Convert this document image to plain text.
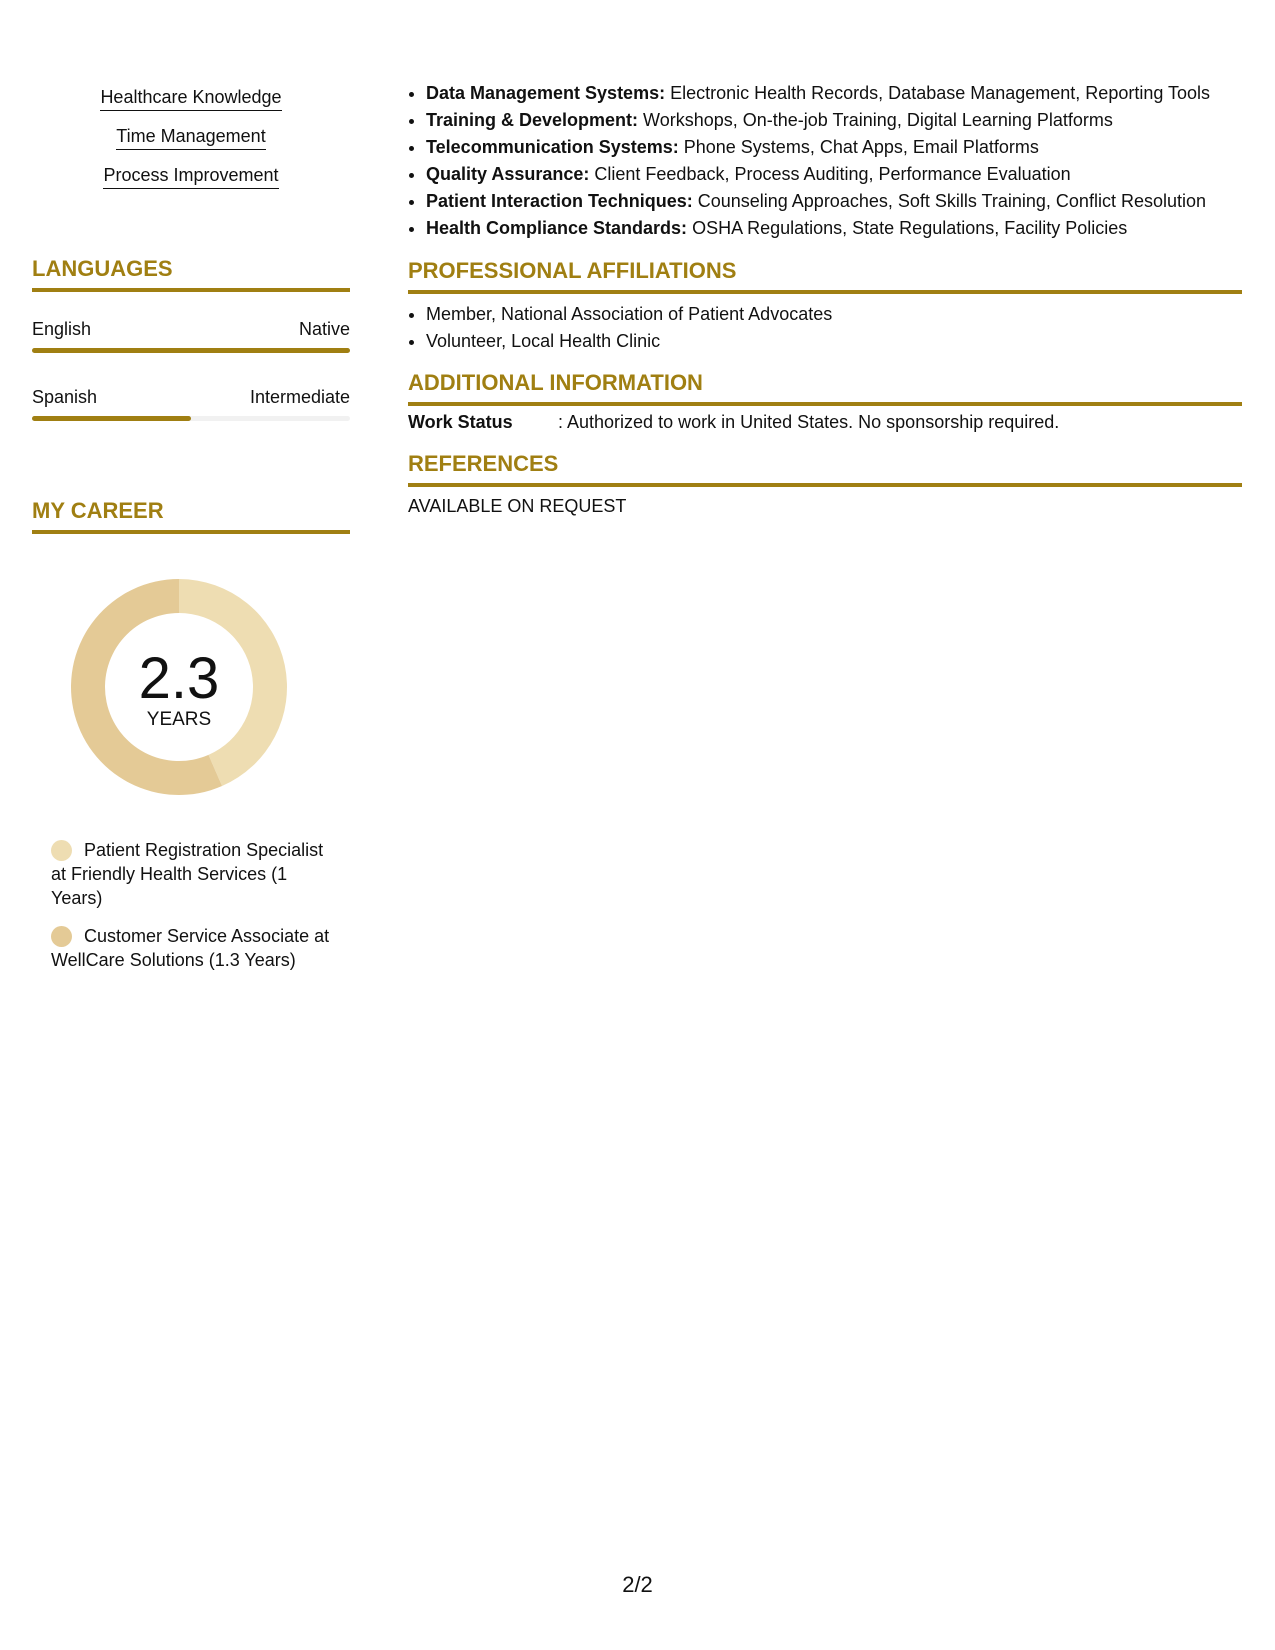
Healthcare Knowledge
Time Management
Process Improvement
LANGUAGES
English	Native
Spanish	Intermediate
MY CAREER
2.3
YEARS
Patient Registration Specialist at Friendly Health Services (1 Years)
Customer Service Associate at WellCare Solutions (1.3 Years)
• Data Management Systems: Electronic Health Records, Database Management, Reporting Tools
• Training & Development: Workshops, On-the-job Training, Digital Learning Platforms
• Telecommunication Systems: Phone Systems, Chat Apps, Email Platforms
• Quality Assurance: Client Feedback, Process Auditing, Performance Evaluation
• Patient Interaction Techniques: Counseling Approaches, Soft Skills Training, Conflict Resolution
• Health Compliance Standards: OSHA Regulations, State Regulations, Facility Policies
PROFESSIONAL AFFILIATIONS
• Member, National Association of Patient Advocates
• Volunteer, Local Health Clinic
ADDITIONAL INFORMATION
Work Status	: Authorized to work in United States. No sponsorship required.
REFERENCES
AVAILABLE ON REQUEST
2/2
